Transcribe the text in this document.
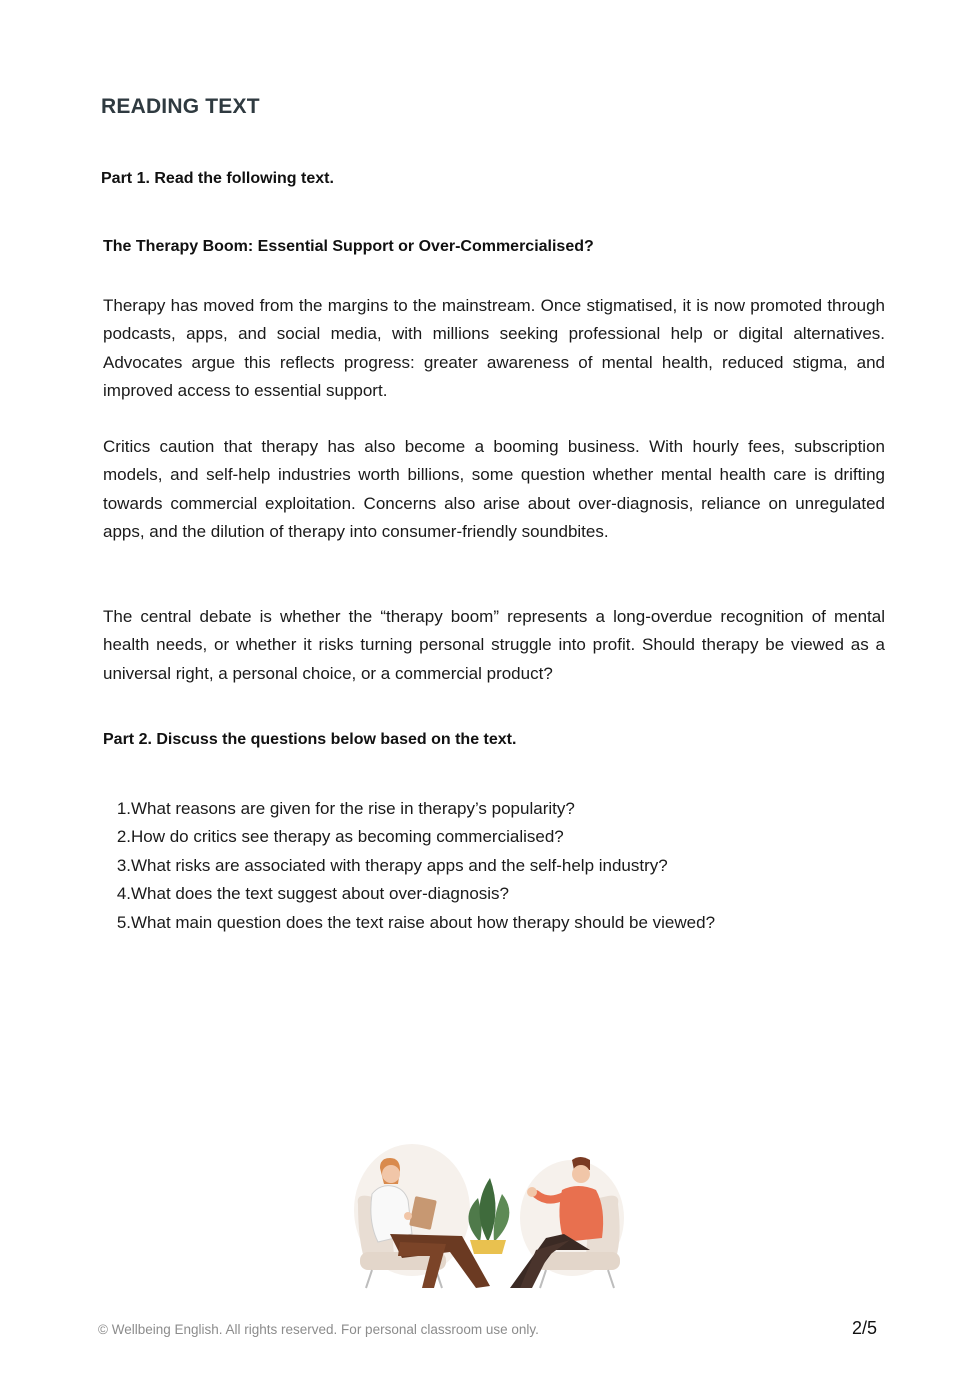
READING TEXT
Part 1. Read the following text.
The Therapy Boom: Essential Support or Over-Commercialised?

Therapy has moved from the margins to the mainstream. Once stigmatised, it is now promoted through podcasts, apps, and social media, with millions seeking professional help or digital alternatives. Advocates argue this reflects progress: greater awareness of mental health, reduced stigma, and improved access to essential support.

Critics caution that therapy has also become a booming business. With hourly fees, subscription models, and self-help industries worth billions, some question whether mental health care is drifting towards commercial exploitation. Concerns also arise about over-diagnosis, reliance on unregulated apps, and the dilution of therapy into consumer-friendly soundbites.

The central debate is whether the “therapy boom” represents a long-overdue recognition of mental health needs, or whether it risks turning personal struggle into profit. Should therapy be viewed as a universal right, a personal choice, or a commercial product?

Part 2. Discuss the questions below based on the text.
1. What reasons are given for the rise in therapy’s popularity?
2. How do critics see therapy as becoming commercialised?
3. What risks are associated with therapy apps and the self-help industry?
4. What does the text suggest about over-diagnosis?
5. What main question does the text raise about how therapy should be viewed?
© Wellbeing English. All rights reserved. For personal classroom use only.	2/5
